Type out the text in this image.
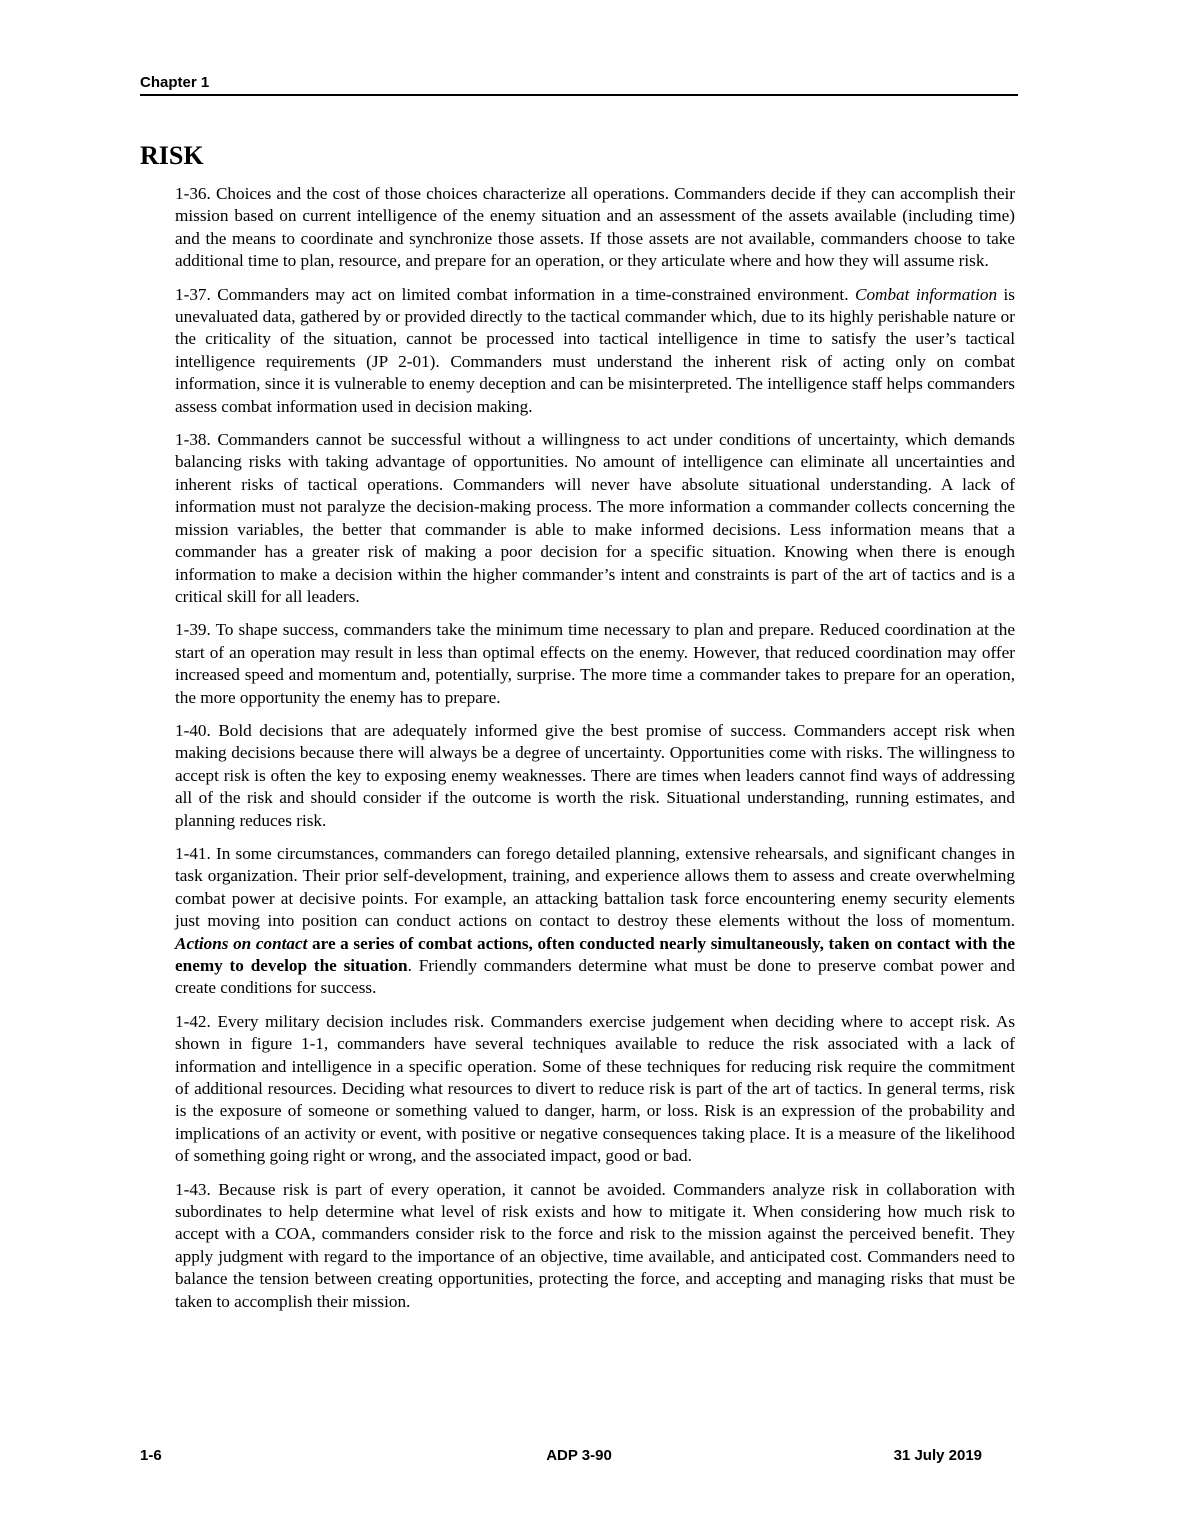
Chapter 1
RISK

1-36. Choices and the cost of those choices characterize all operations. Commanders decide if they can accomplish their mission based on current intelligence of the enemy situation and an assessment of the assets available (including time) and the means to coordinate and synchronize those assets. If those assets are not available, commanders choose to take additional time to plan, resource, and prepare for an operation, or they articulate where and how they will assume risk.

1-37. Commanders may act on limited combat information in a time-constrained environment. Combat information is unevaluated data, gathered by or provided directly to the tactical commander which, due to its highly perishable nature or the criticality of the situation, cannot be processed into tactical intelligence in time to satisfy the user’s tactical intelligence requirements (JP 2-01). Commanders must understand the inherent risk of acting only on combat information, since it is vulnerable to enemy deception and can be misinterpreted. The intelligence staff helps commanders assess combat information used in decision making.

1-38. Commanders cannot be successful without a willingness to act under conditions of uncertainty, which demands balancing risks with taking advantage of opportunities. No amount of intelligence can eliminate all uncertainties and inherent risks of tactical operations. Commanders will never have absolute situational understanding. A lack of information must not paralyze the decision-making process. The more information a commander collects concerning the mission variables, the better that commander is able to make informed decisions. Less information means that a commander has a greater risk of making a poor decision for a specific situation. Knowing when there is enough information to make a decision within the higher commander’s intent and constraints is part of the art of tactics and is a critical skill for all leaders.

1-39. To shape success, commanders take the minimum time necessary to plan and prepare. Reduced coordination at the start of an operation may result in less than optimal effects on the enemy. However, that reduced coordination may offer increased speed and momentum and, potentially, surprise. The more time a commander takes to prepare for an operation, the more opportunity the enemy has to prepare.

1-40. Bold decisions that are adequately informed give the best promise of success. Commanders accept risk when making decisions because there will always be a degree of uncertainty. Opportunities come with risks. The willingness to accept risk is often the key to exposing enemy weaknesses. There are times when leaders cannot find ways of addressing all of the risk and should consider if the outcome is worth the risk. Situational understanding, running estimates, and planning reduces risk.

1-41. In some circumstances, commanders can forego detailed planning, extensive rehearsals, and significant changes in task organization. Their prior self-development, training, and experience allows them to assess and create overwhelming combat power at decisive points. For example, an attacking battalion task force encountering enemy security elements just moving into position can conduct actions on contact to destroy these elements without the loss of momentum. Actions on contact are a series of combat actions, often conducted nearly simultaneously, taken on contact with the enemy to develop the situation. Friendly commanders determine what must be done to preserve combat power and create conditions for success.

1-42. Every military decision includes risk. Commanders exercise judgement when deciding where to accept risk. As shown in figure 1-1, commanders have several techniques available to reduce the risk associated with a lack of information and intelligence in a specific operation. Some of these techniques for reducing risk require the commitment of additional resources. Deciding what resources to divert to reduce risk is part of the art of tactics. In general terms, risk is the exposure of someone or something valued to danger, harm, or loss. Risk is an expression of the probability and implications of an activity or event, with positive or negative consequences taking place. It is a measure of the likelihood of something going right or wrong, and the associated impact, good or bad.

1-43. Because risk is part of every operation, it cannot be avoided. Commanders analyze risk in collaboration with subordinates to help determine what level of risk exists and how to mitigate it. When considering how much risk to accept with a COA, commanders consider risk to the force and risk to the mission against the perceived benefit. They apply judgment with regard to the importance of an objective, time available, and anticipated cost. Commanders need to balance the tension between creating opportunities, protecting the force, and accepting and managing risks that must be taken to accomplish their mission.

1-6	ADP 3-90	31 July 2019
